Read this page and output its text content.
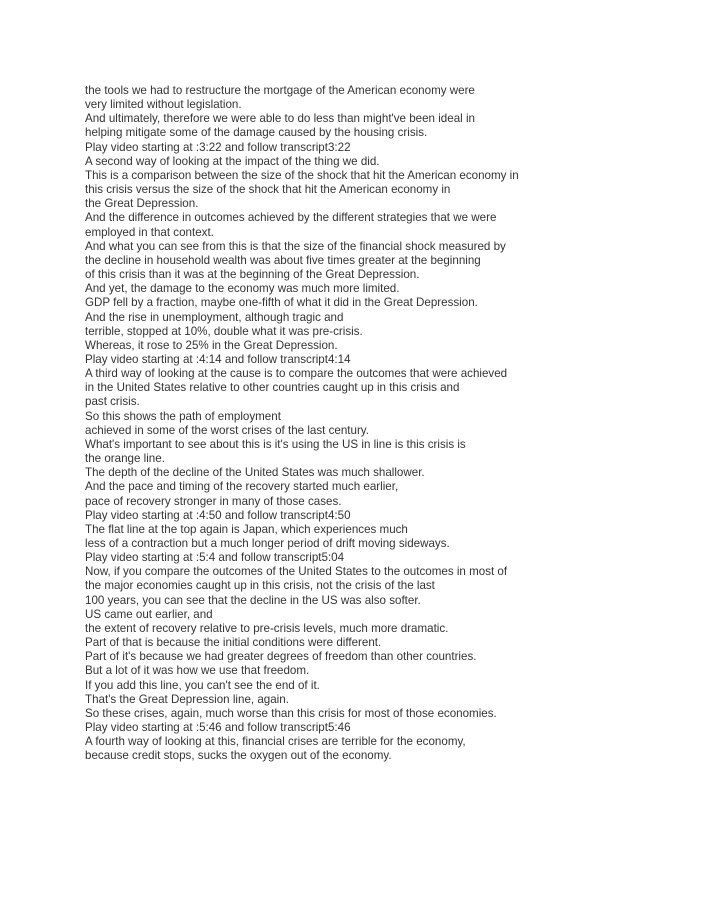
the tools we had to restructure the mortgage of the American economy were
very limited without legislation.
And ultimately, therefore we were able to do less than might've been ideal in
helping mitigate some of the damage caused by the housing crisis.
Play video starting at :3:22 and follow transcript3:22
A second way of looking at the impact of the thing we did.
This is a comparison between the size of the shock that hit the American economy in
this crisis versus the size of the shock that hit the American economy in
the Great Depression.
And the difference in outcomes achieved by the different strategies that we were
employed in that context.
And what you can see from this is that the size of the financial shock measured by
the decline in household wealth was about five times greater at the beginning
of this crisis than it was at the beginning of the Great Depression.
And yet, the damage to the economy was much more limited.
GDP fell by a fraction, maybe one-fifth of what it did in the Great Depression.
And the rise in unemployment, although tragic and
terrible, stopped at 10%, double what it was pre-crisis.
Whereas, it rose to 25% in the Great Depression.
Play video starting at :4:14 and follow transcript4:14
A third way of looking at the cause is to compare the outcomes that were achieved
in the United States relative to other countries caught up in this crisis and
past crisis.
So this shows the path of employment
achieved in some of the worst crises of the last century.
What's important to see about this is it's using the US in line is this crisis is
the orange line.
The depth of the decline of the United States was much shallower.
And the pace and timing of the recovery started much earlier,
pace of recovery stronger in many of those cases.
Play video starting at :4:50 and follow transcript4:50
The flat line at the top again is Japan, which experiences much
less of a contraction but a much longer period of drift moving sideways.
Play video starting at :5:4 and follow transcript5:04
Now, if you compare the outcomes of the United States to the outcomes in most of
the major economies caught up in this crisis, not the crisis of the last
100 years, you can see that the decline in the US was also softer.
US came out earlier, and
the extent of recovery relative to pre-crisis levels, much more dramatic.
Part of that is because the initial conditions were different.
Part of it's because we had greater degrees of freedom than other countries.
But a lot of it was how we use that freedom.
If you add this line, you can't see the end of it.
That's the Great Depression line, again.
So these crises, again, much worse than this crisis for most of those economies.
Play video starting at :5:46 and follow transcript5:46
A fourth way of looking at this, financial crises are terrible for the economy,
because credit stops, sucks the oxygen out of the economy.
